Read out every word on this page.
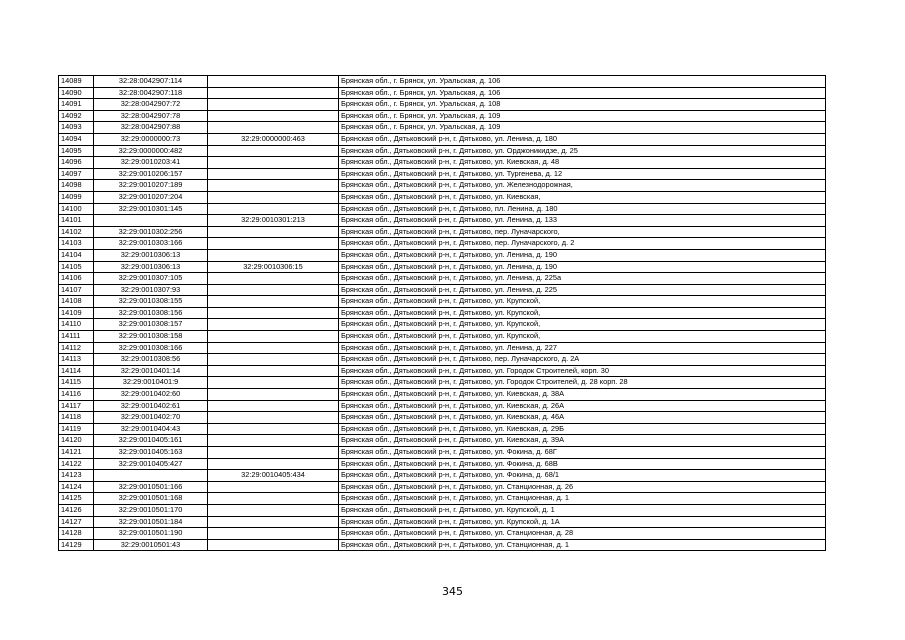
14089	32:28:0042907:114		Брянская обл., г. Брянск, ул. Уральская, д. 106
14090	32:28:0042907:118		Брянская обл., г. Брянск, ул. Уральская, д. 106
14091	32:28:0042907:72		Брянская обл., г. Брянск, ул. Уральская, д. 108
14092	32:28:0042907:78		Брянская обл., г. Брянск, ул. Уральская, д. 109
14093	32:28:0042907:88		Брянская обл., г. Брянск, ул. Уральская, д. 109
14094	32:29:0000000:73	32:29:0000000:463	Брянская обл., Дятьковский р-н, г. Дятьково, ул. Ленина, д. 180
14095	32:29:0000000:482		Брянская обл., Дятьковский р-н, г. Дятьково, ул. Орджоникидзе, д. 25
14096	32:29:0010203:41		Брянская обл., Дятьковский р-н, г. Дятьково, ул. Киевская, д. 48
14097	32:29:0010206:157		Брянская обл., Дятьковский р-н, г. Дятьково, ул. Тургенева, д. 12
14098	32:29:0010207:189		Брянская обл., Дятьковский р-н, г. Дятьково, ул. Железнодорожная,
14099	32:29:0010207:204		Брянская обл., Дятьковский р-н, г. Дятьково, ул. Киевская,
14100	32:29:0010301:145		Брянская обл., Дятьковский р-н, г. Дятьково, пл. Ленина, д. 180
14101		32:29:0010301:213	Брянская обл., Дятьковский р-н, г. Дятьково, ул. Ленина, д. 133
14102	32:29:0010302:256		Брянская обл., Дятьковский р-н, г. Дятьково, пер. Луначарского,
14103	32:29:0010303:166		Брянская обл., Дятьковский р-н, г. Дятьково, пер. Луначарского, д. 2
14104	32:29:0010306:13		Брянская обл., Дятьковский р-н, г. Дятьково, ул. Ленина, д. 190
14105	32:29:0010306:13	32:29:0010306:15	Брянская обл., Дятьковский р-н, г. Дятьково, ул. Ленина, д. 190
14106	32:29:0010307:105		Брянская обл., Дятьковский р-н, г. Дятьково, ул. Ленина, д. 225а
14107	32:29:0010307:93		Брянская обл., Дятьковский р-н, г. Дятьково, ул. Ленина, д. 225
14108	32:29:0010308:155		Брянская обл., Дятьковский р-н, г. Дятьково, ул. Крупской,
14109	32:29:0010308:156		Брянская обл., Дятьковский р-н, г. Дятьково, ул. Крупской,
14110	32:29:0010308:157		Брянская обл., Дятьковский р-н, г. Дятьково, ул. Крупской,
14111	32:29:0010308:158		Брянская обл., Дятьковский р-н, г. Дятьково, ул. Крупской,
14112	32:29:0010308:166		Брянская обл., Дятьковский р-н, г. Дятьково, ул. Ленина, д. 227
14113	32:29:0010308:56		Брянская обл., Дятьковский р-н, г. Дятьково, пер. Луначарского, д. 2А
14114	32:29:0010401:14		Брянская обл., Дятьковский р-н, г. Дятьково, ул. Городок Строителей, корп. 30
14115	32:29:0010401:9		Брянская обл., Дятьковский р-н, г. Дятьково, ул. Городок Строителей, д. 28 корп. 28
14116	32:29:0010402:60		Брянская обл., Дятьковский р-н, г. Дятьково, ул. Киевская, д. 38А
14117	32:29:0010402:61		Брянская обл., Дятьковский р-н, г. Дятьково, ул. Киевская, д. 26А
14118	32:29:0010402:70		Брянская обл., Дятьковский р-н, г. Дятьково, ул. Киевская, д. 46А
14119	32:29:0010404:43		Брянская обл., Дятьковский р-н, г. Дятьково, ул. Киевская, д. 29Б
14120	32:29:0010405:161		Брянская обл., Дятьковский р-н, г. Дятьково, ул. Киевская, д. 39А
14121	32:29:0010405:163		Брянская обл., Дятьковский р-н, г. Дятьково, ул. Фокина, д. 68Г
14122	32:29:0010405:427		Брянская обл., Дятьковский р-н, г. Дятьково, ул. Фокина, д. 68В
14123		32:29:0010405:434	Брянская обл., Дятьковский р-н, г. Дятьково, ул. Фокина, д. 68/1
14124	32:29:0010501:166		Брянская обл., Дятьковский р-н, г. Дятьково, ул. Станционная, д. 26
14125	32:29:0010501:168		Брянская обл., Дятьковский р-н, г. Дятьково, ул. Станционная, д. 1
14126	32:29:0010501:170		Брянская обл., Дятьковский р-н, г. Дятьково, ул. Крупской, д. 1
14127	32:29:0010501:184		Брянская обл., Дятьковский р-н, г. Дятьково, ул. Крупской, д. 1А
14128	32:29:0010501:190		Брянская обл., Дятьковский р-н, г. Дятьково, ул. Станционная, д. 28
14129	32:29:0010501:43		Брянская обл., Дятьковский р-н, г. Дятьково, ул. Станционная, д. 1
345
